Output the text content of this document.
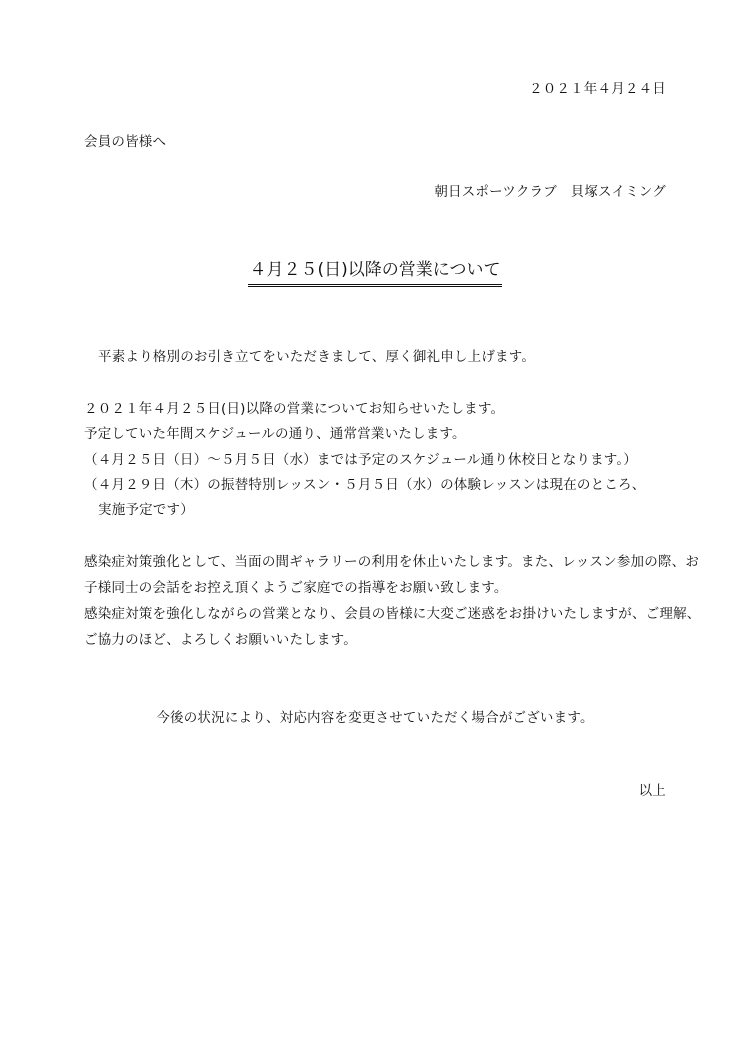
２０２１年４月２４日
会員の皆様へ
朝日スポーツクラブ　貝塚スイミング
４月２５(日)以降の営業について
平素より格別のお引き立てをいただきまして、厚く御礼申し上げます。
２０２１年４月２５日(日)以降の営業についてお知らせいたします。
予定していた年間スケジュールの通り、通常営業いたします。
（４月２５日（日）～５月５日（水）までは予定のスケジュール通り休校日となります。）
（４月２９日（木）の振替特別レッスン・５月５日（水）の体験レッスンは現在のところ、
実施予定です）
感染症対策強化として、当面の間ギャラリーの利用を休止いたします。また、レッスン参加の際、お
子様同士の会話をお控え頂くようご家庭での指導をお願い致します。
感染症対策を強化しながらの営業となり、会員の皆様に大変ご迷惑をお掛けいたしますが、ご理解、
ご協力のほど、よろしくお願いいたします。
今後の状況により、対応内容を変更させていただく場合がございます。
以上
